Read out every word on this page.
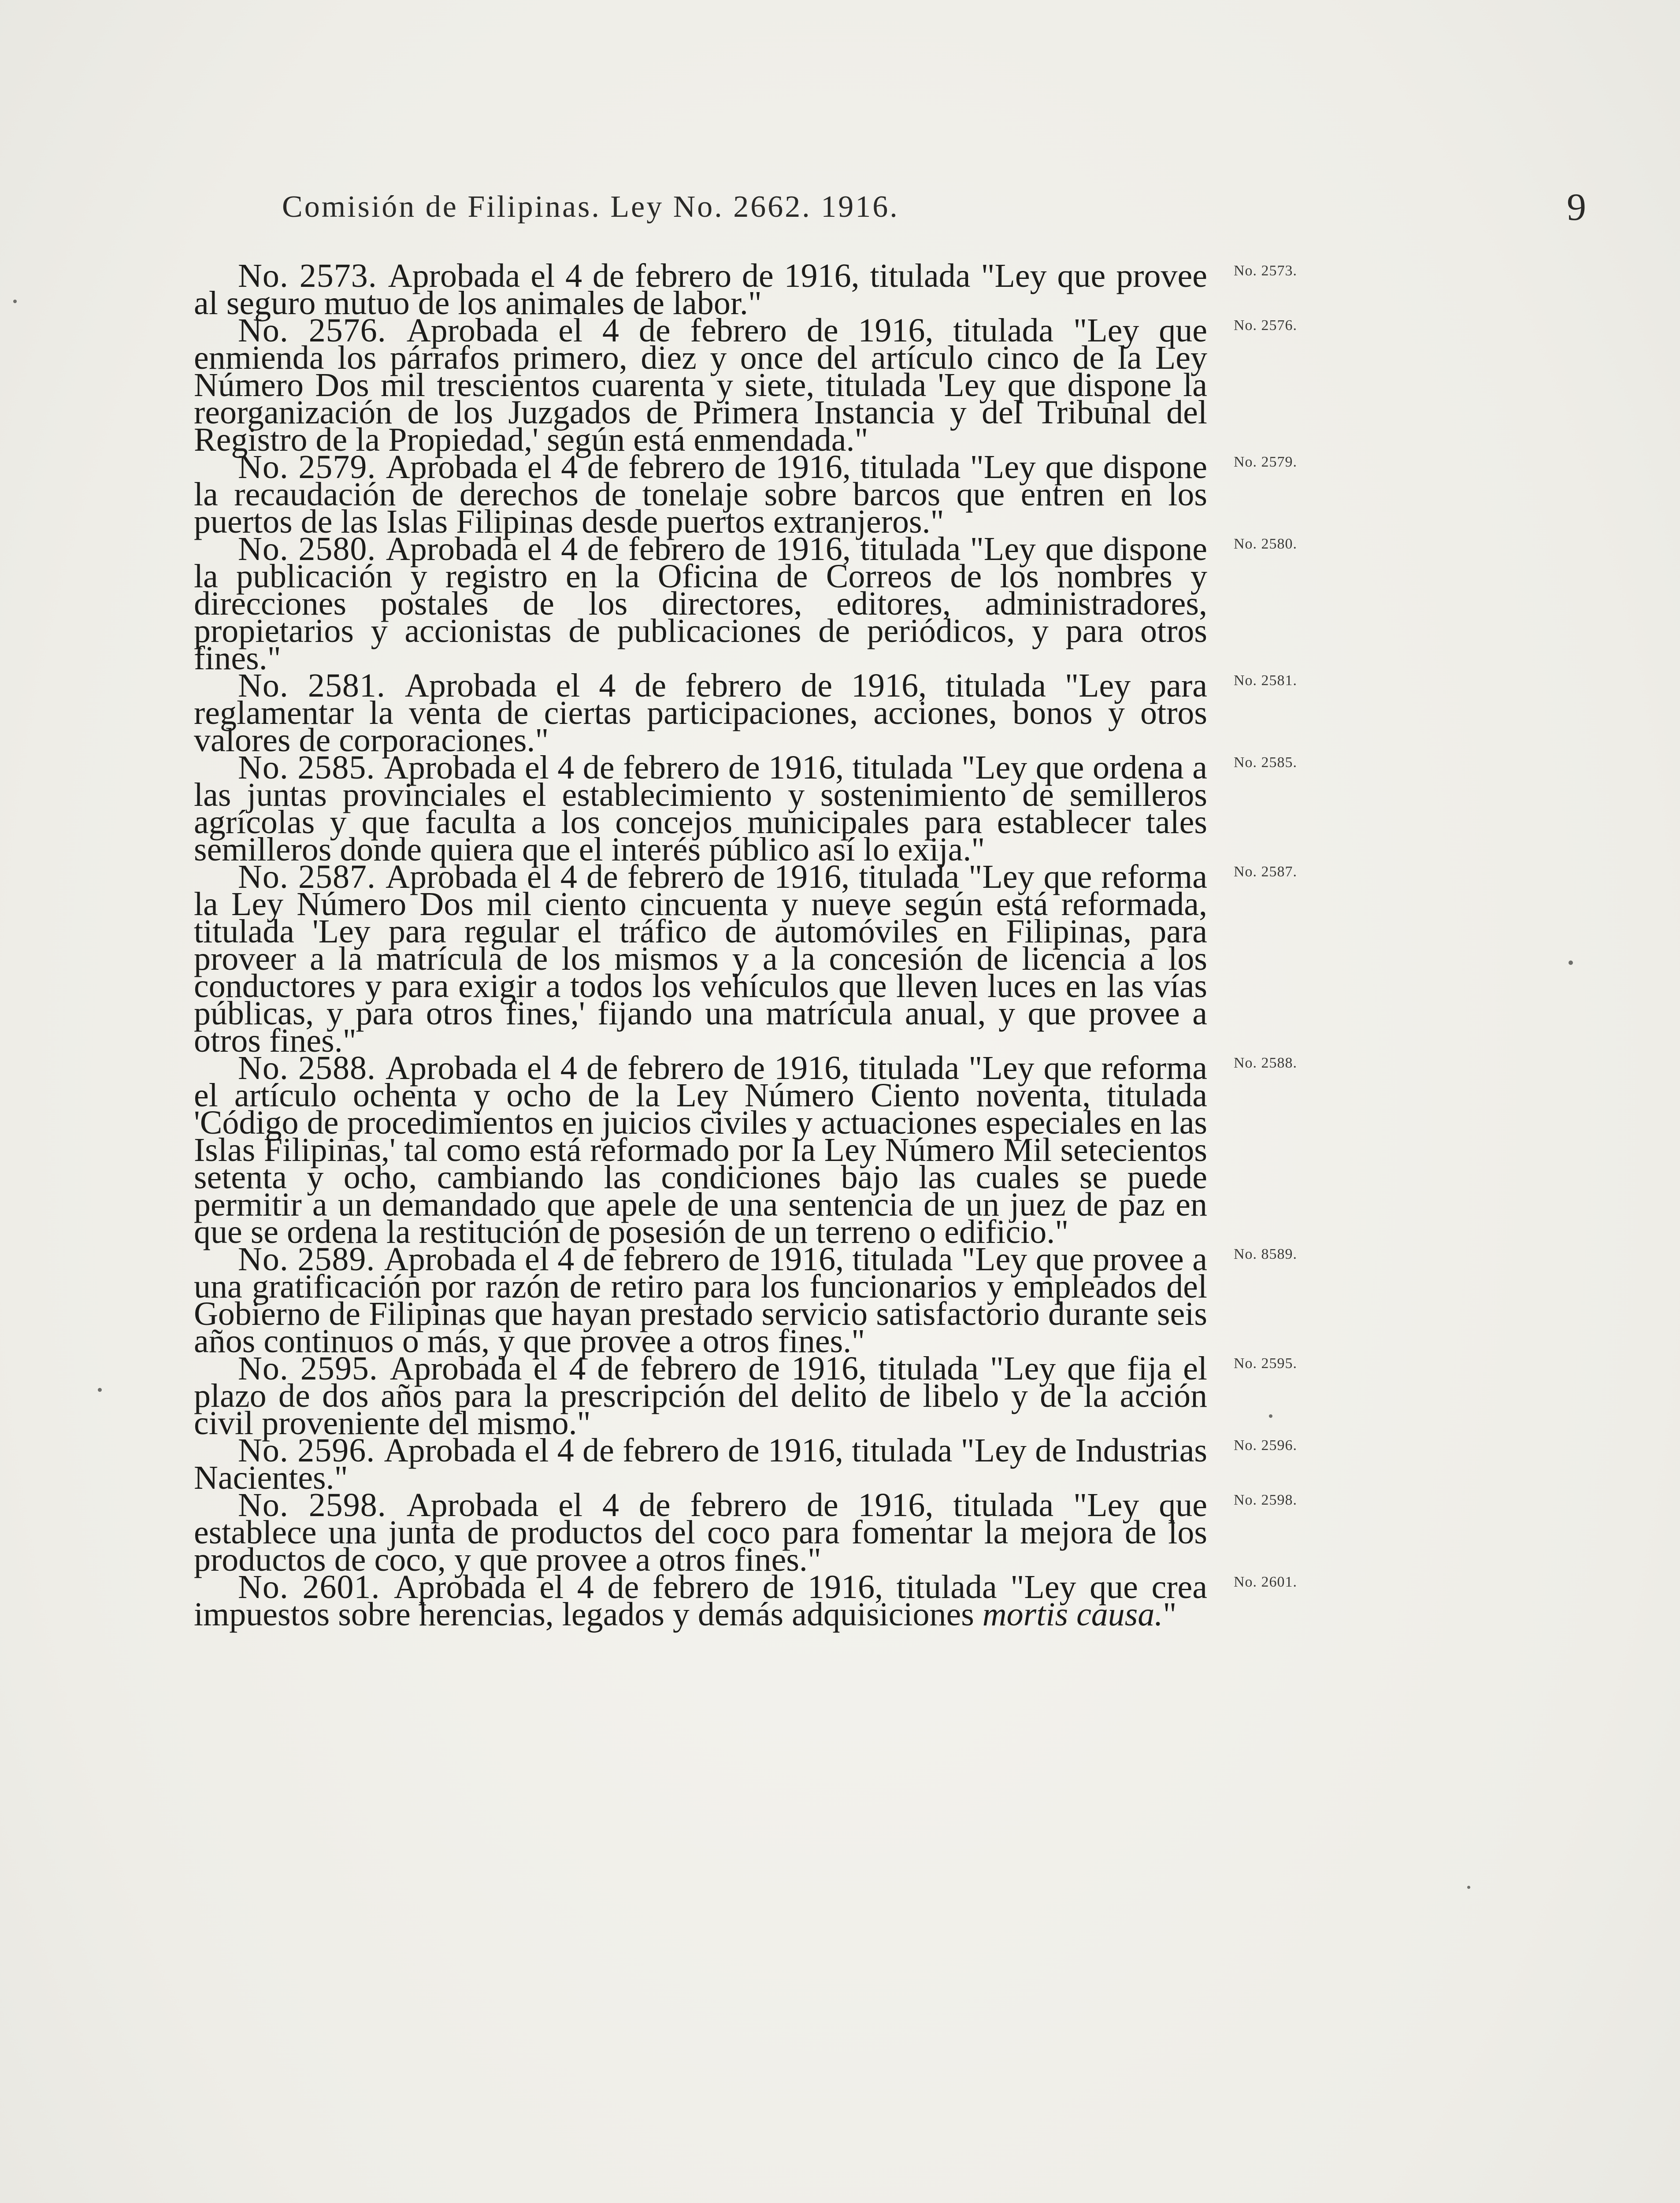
Comisión de Filipinas. Ley No. 2662. 1916.	9

No. 2573.
No. 2573. Aprobada el 4 de febrero de 1916, titulada "Ley que provee al seguro mutuo de los animales de labor."

No. 2576.
No. 2576. Aprobada el 4 de febrero de 1916, titulada "Ley que enmienda los párrafos primero, diez y once del artículo cinco de la Ley Número Dos mil trescientos cuarenta y siete, titulada 'Ley que dispone la reorganización de los Juzgados de Primera Instancia y del Tribunal del Registro de la Propiedad,' según está enmendada."

No. 2579.
No. 2579. Aprobada el 4 de febrero de 1916, titulada "Ley que dispone la recaudación de derechos de tonelaje sobre barcos que entren en los puertos de las Islas Filipinas desde puertos extranjeros."

No. 2580.
No. 2580. Aprobada el 4 de febrero de 1916, titulada "Ley que dispone la publicación y registro en la Oficina de Correos de los nombres y direcciones postales de los directores, editores, administradores, propietarios y accionistas de publicaciones de periódicos, y para otros fines."

No. 2581.
No. 2581. Aprobada el 4 de febrero de 1916, titulada "Ley para reglamentar la venta de ciertas participaciones, acciones, bonos y otros valores de corporaciones."

No. 2585.
No. 2585. Aprobada el 4 de febrero de 1916, titulada "Ley que ordena a las juntas provinciales el establecimiento y sostenimiento de semilleros agrícolas y que faculta a los concejos municipales para establecer tales semilleros donde quiera que el interés público así lo exija."

No. 2587.
No. 2587. Aprobada el 4 de febrero de 1916, titulada "Ley que reforma la Ley Número Dos mil ciento cincuenta y nueve según está reformada, titulada 'Ley para regular el tráfico de automóviles en Filipinas, para proveer a la matrícula de los mismos y a la concesión de licencia a los conductores y para exigir a todos los vehículos que lleven luces en las vías públicas, y para otros fines,' fijando una matrícula anual, y que provee a otros fines."

No. 2588.
No. 2588. Aprobada el 4 de febrero de 1916, titulada "Ley que reforma el artículo ochenta y ocho de la Ley Número Ciento noventa, titulada 'Código de procedimientos en juicios civiles y actuaciones especiales en las Islas Filipinas,' tal como está reformado por la Ley Número Mil setecientos setenta y ocho, cambiando las condiciones bajo las cuales se puede permitir a un demandado que apele de una sentencia de un juez de paz en que se ordena la restitución de posesión de un terreno o edificio."

No. 8589.
No. 2589. Aprobada el 4 de febrero de 1916, titulada "Ley que provee a una gratificación por razón de retiro para los funcionarios y empleados del Gobierno de Filipinas que hayan prestado servicio satisfactorio durante seis años continuos o más, y que provee a otros fines."

No. 2595.
No. 2595. Aprobada el 4 de febrero de 1916, titulada "Ley que fija el plazo de dos años para la prescripción del delito de libelo y de la acción civil proveniente del mismo."

No. 2596.
No. 2596. Aprobada el 4 de febrero de 1916, titulada "Ley de Industrias Nacientes."

No. 2598.
No. 2598. Aprobada el 4 de febrero de 1916, titulada "Ley que establece una junta de productos del coco para fomentar la mejora de los productos de coco, y que provee a otros fines."

No. 2601.
No. 2601. Aprobada el 4 de febrero de 1916, titulada "Ley que crea impuestos sobre herencias, legados y demás adquisiciones mortis causa."
